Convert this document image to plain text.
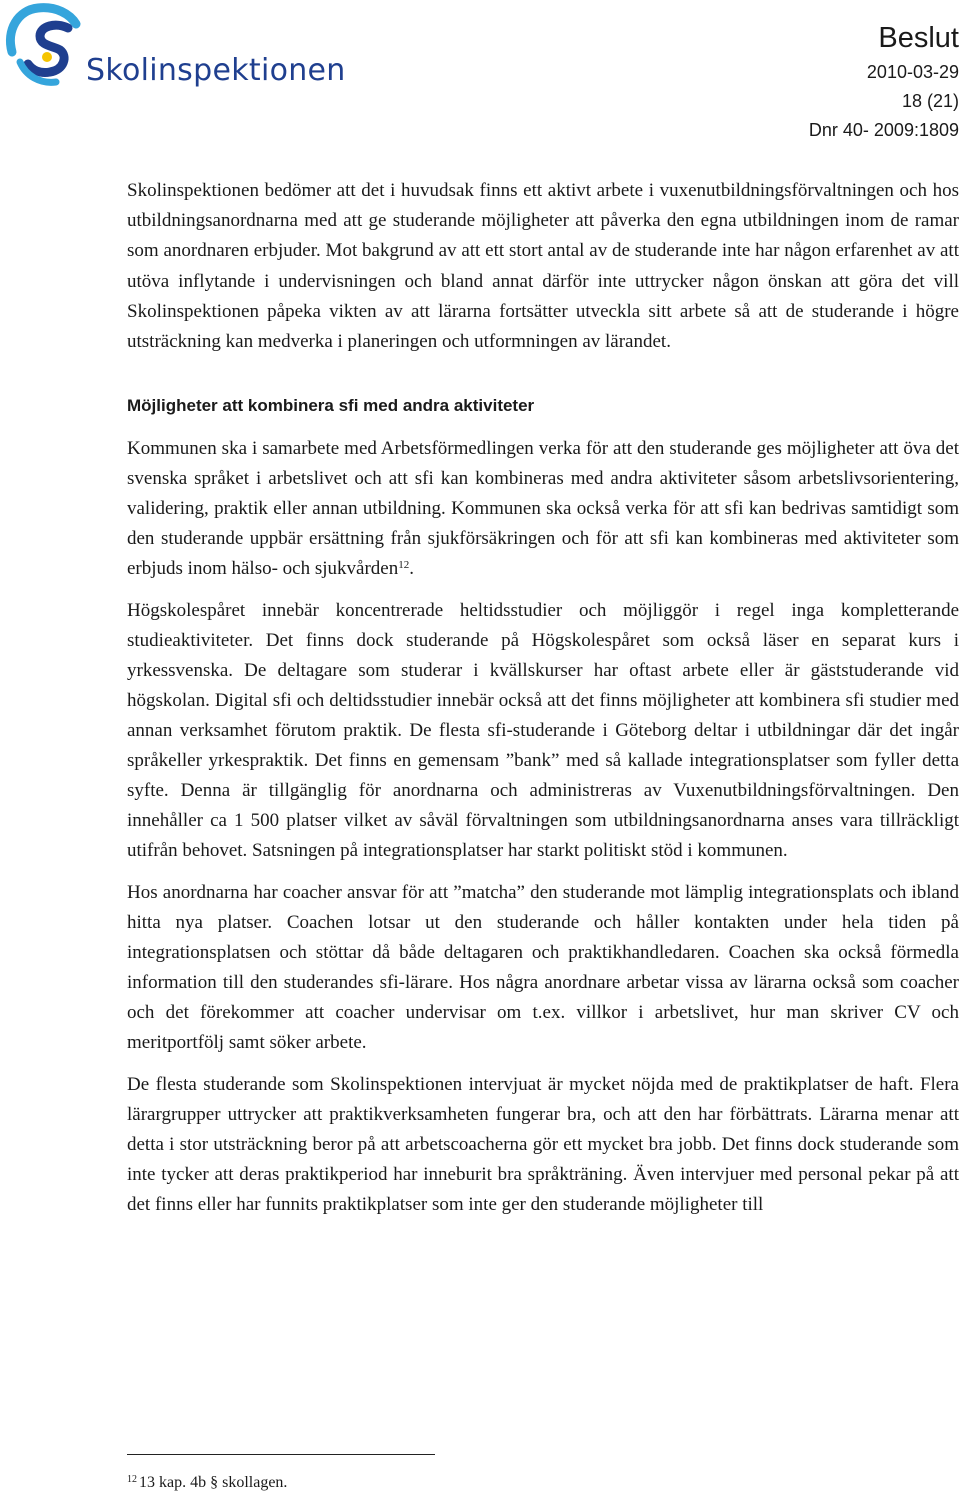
Skolinspektionen
Beslut
2010-03-29
18 (21)
Dnr 40- 2009:1809

Skolinspektionen bedömer att det i huvudsak finns ett aktivt arbete i vuxenutbildningsförvaltningen och hos utbildningsanordnarna med att ge studerande möjligheter att påverka den egna utbildningen inom de ramar som anordnaren erbjuder. Mot bakgrund av att ett stort antal av de studerande inte har någon erfarenhet av att utöva inflytande i undervisningen och bland annat därför inte uttrycker någon önskan att göra det vill Skolinspektionen påpeka vikten av att lärarna fortsätter utveckla sitt arbete så att de studerande i högre utsträckning kan medverka i planeringen och utformningen av lärandet.

Möjligheter att kombinera sfi med andra aktiviteter

Kommunen ska i samarbete med Arbetsförmedlingen verka för att den studerande ges möjligheter att öva det svenska språket i arbetslivet och att sfi kan kombineras med andra aktiviteter såsom arbetslivsorientering, validering, praktik eller annan utbildning. Kommunen ska också verka för att sfi kan bedrivas samtidigt som den studerande uppbär ersättning från sjukförsäkringen och för att sfi kan kombineras med aktiviteter som erbjuds inom hälso- och sjukvården$^{12}$.

Högskolespåret innebär koncentrerade heltidsstudier och möjliggör i regel inga kompletterande studieaktiviteter. Det finns dock studerande på Högskolespåret som också läser en separat kurs i yrkessvenska. De deltagare som studerar i kvällskurser har oftast arbete eller är gäststuderande vid högskolan. Digital sfi och deltidsstudier innebär också att det finns möjligheter att kombinera sfi studier med annan verksamhet förutom praktik. De flesta sfi-studerande i Göteborg deltar i utbildningar där det ingår språkeller yrkespraktik. Det finns en gemensam ”bank” med så kallade integrationsplatser som fyller detta syfte. Denna är tillgänglig för anordnarna och administreras av Vuxenutbildningsförvaltningen. Den innehåller ca 1 500 platser vilket av såväl förvaltningen som utbildningsanordnarna anses vara tillräckligt utifrån behovet. Satsningen på integrationsplatser har starkt politiskt stöd i kommunen.

Hos anordnarna har coacher ansvar för att ”matcha” den studerande mot lämplig integrationsplats och ibland hitta nya platser. Coachen lotsar ut den studerande och håller kontakten under hela tiden på integrationsplatsen och stöttar då både deltagaren och praktikhandledaren. Coachen ska också förmedla information till den studerandes sfi-lärare. Hos några anordnare arbetar vissa av lärarna också som coacher och det förekommer att coacher undervisar om t.ex. villkor i arbetslivet, hur man skriver CV och meritportfölj samt söker arbete.

De flesta studerande som Skolinspektionen intervjuat är mycket nöjda med de praktikplatser de haft. Flera lärargrupper uttrycker att praktikverksamheten fungerar bra, och att den har förbättrats. Lärarna menar att detta i stor utsträckning beror på att arbetscoacherna gör ett mycket bra jobb. Det finns dock studerande som inte tycker att deras praktikperiod har inneburit bra språkträning. Även intervjuer med personal pekar på att det finns eller har funnits praktikplatser som inte ger den studerande möjligheter till

$^{12}$ 13 kap. 4b § skollagen.
